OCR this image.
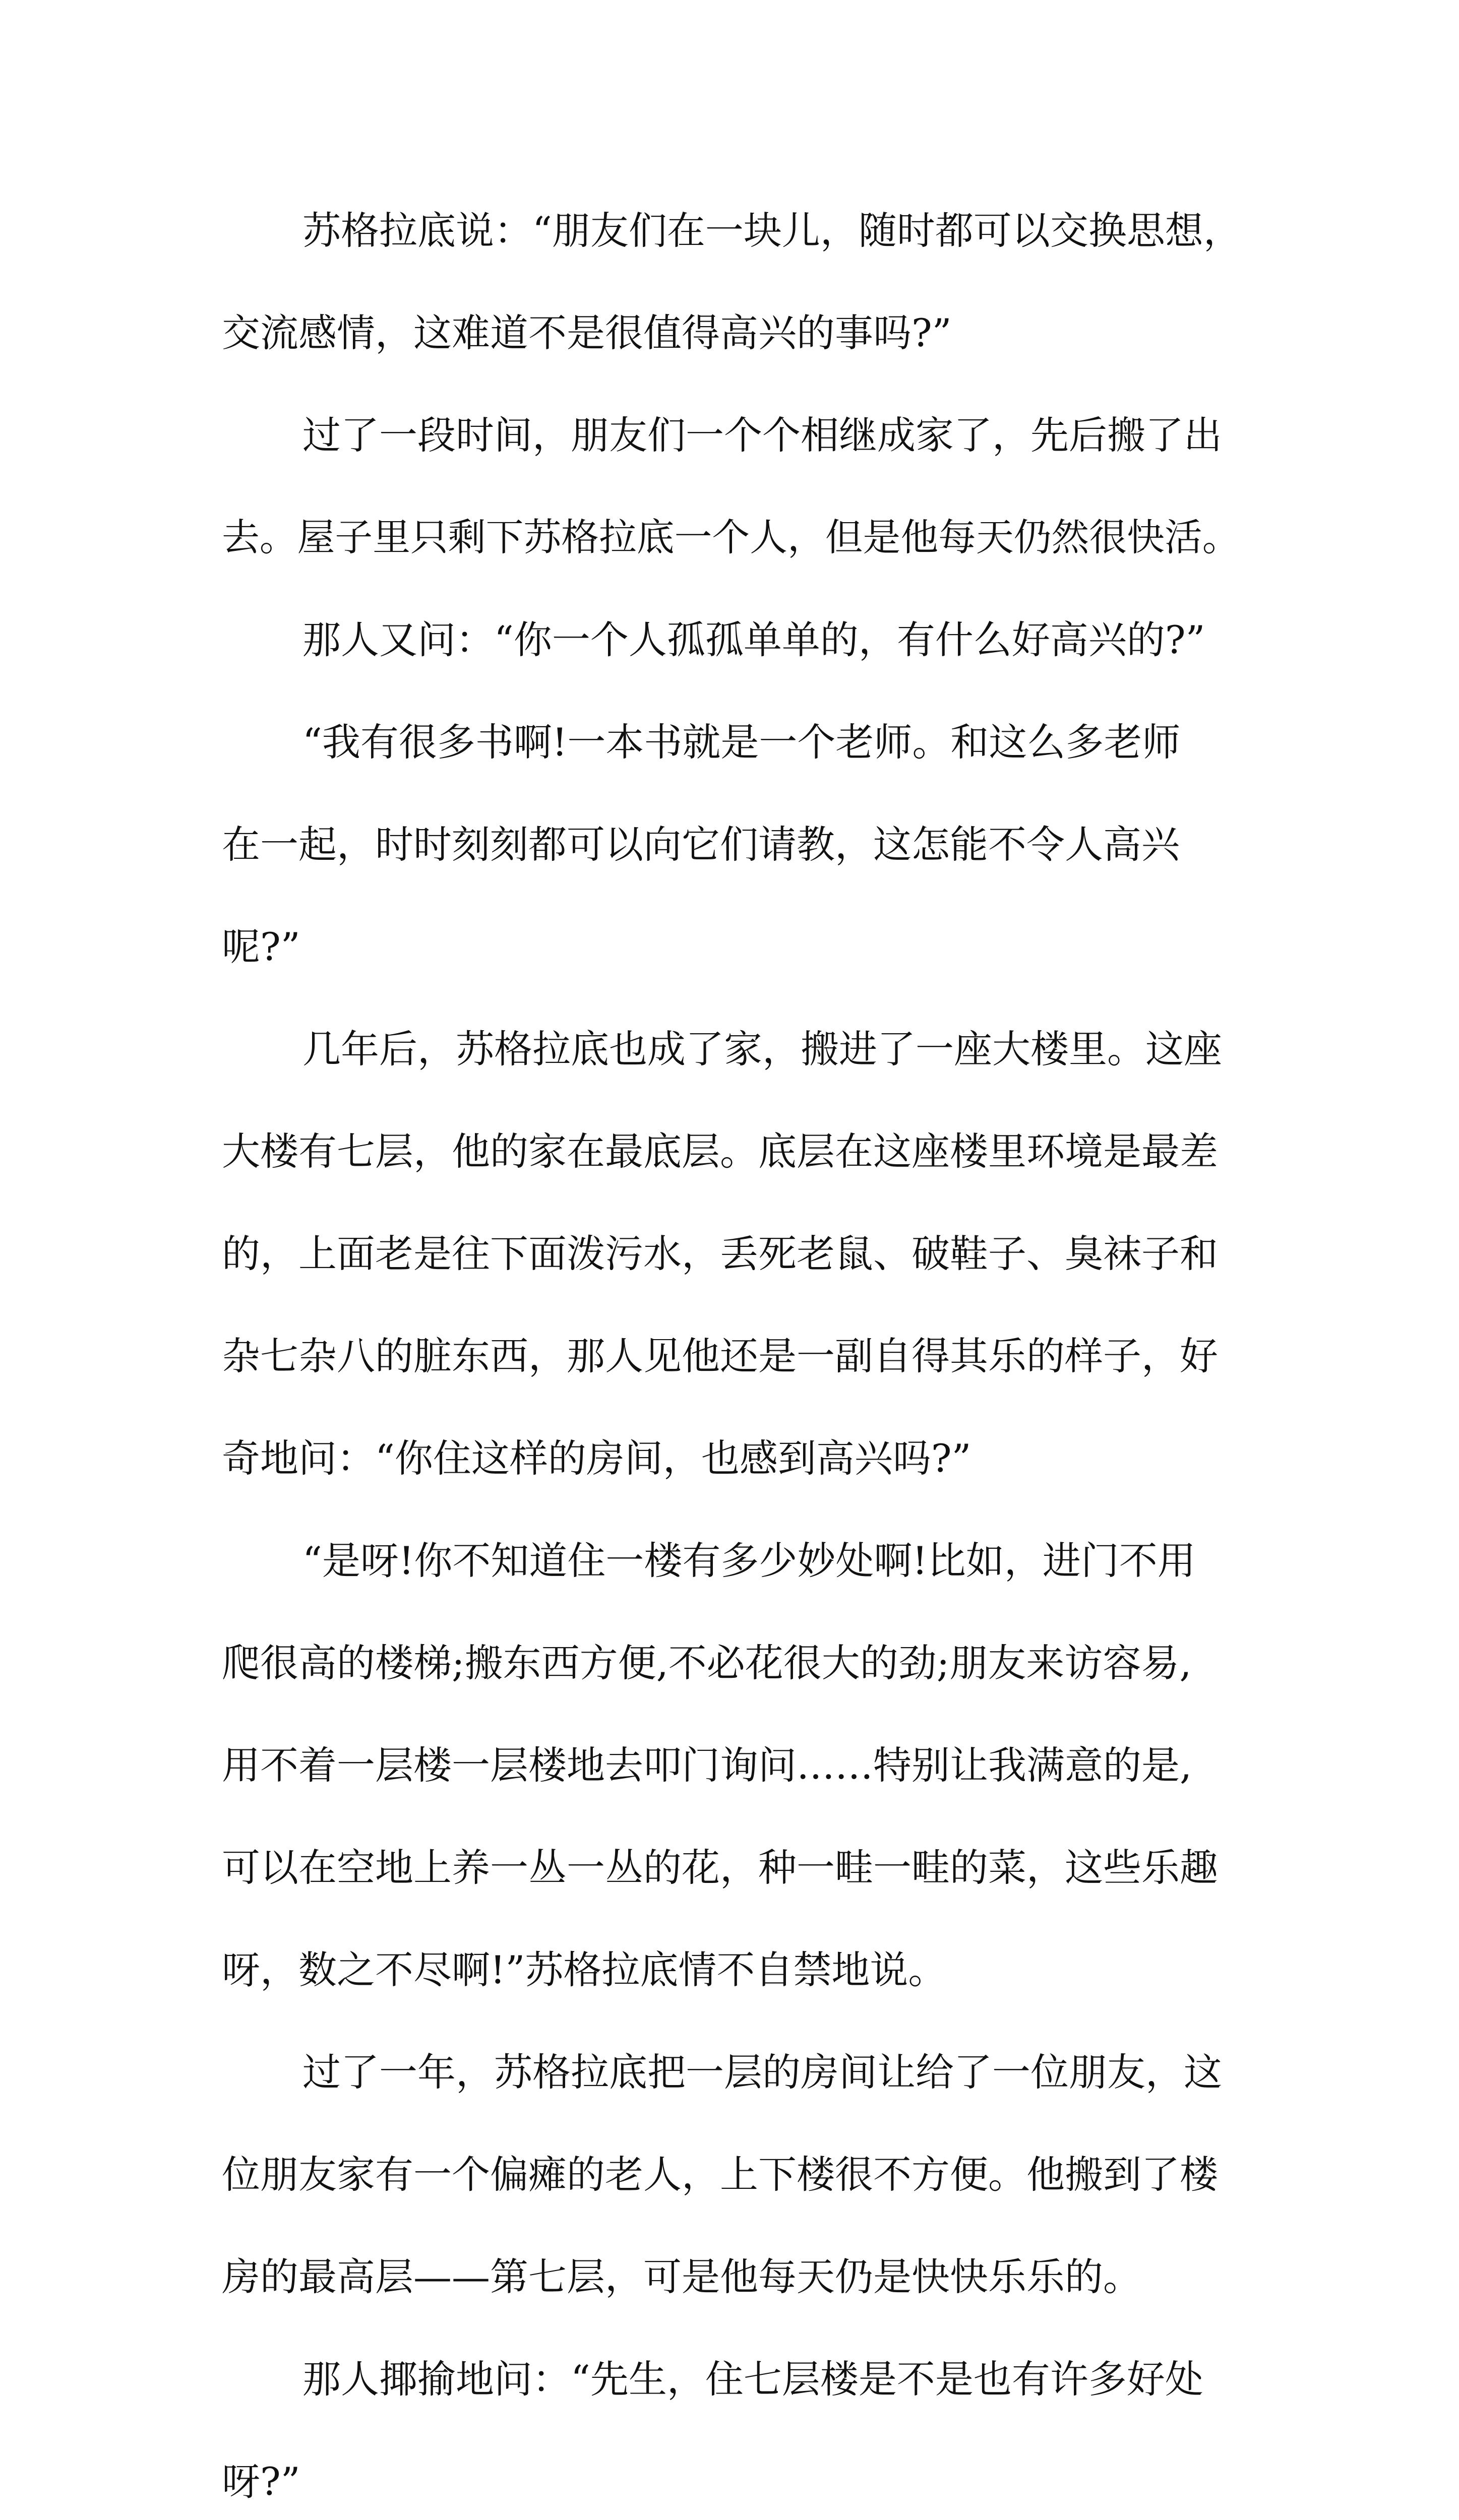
苏格拉底说：“朋友们在一块儿，随时都可以交换思想，
交流感情，这难道不是很值得高兴的事吗?”
过了一段时间，朋友们一个个相继成家了，先后搬了出
去。屋子里只剩下苏格拉底一个人，但是他每天仍然很快活。
那人又问：“你一个人孤孤单单的，有什么好高兴的?”
“我有很多书啊!一本书就是一个老师。和这么多老师
在一起，时时刻刻都可以向它们请教，这怎能不令人高兴
呢?”
几年后，苏格拉底也成了家，搬进了一座大楼里。这座
大楼有七层，他的家在最底层。底层在这座楼里环境是最差
的，上面老是往下面泼污水，丢死老鼠、破鞋子、臭袜子和
杂七杂八的脏东西，那人见他还是一副自得其乐的样子，好
奇地问：“你住这样的房间，也感到高兴吗?”
“是呀!你不知道住一楼有多少妙处啊!比如，进门不用
爬很高的楼梯;搬东西方便,不必花很大的劲;朋友来访容易,
用不着一层楼一层楼地去叩门询问……特别让我满意的是,
可以在空地上养一丛一丛的花，种一畦一畦的菜，这些乐趣
呀，数之不尽啊!”苏格拉底情不自禁地说。
过了一年，苏格拉底把一层的房间让给了一位朋友，这
位朋友家有一个偏瘫的老人，上下楼很不方便。他搬到了楼
房的最高层——第七层，可是他每天仍是快快乐乐的。
那人揶揄地问：“先生，住七层楼是不是也有许多好处
呀?”
